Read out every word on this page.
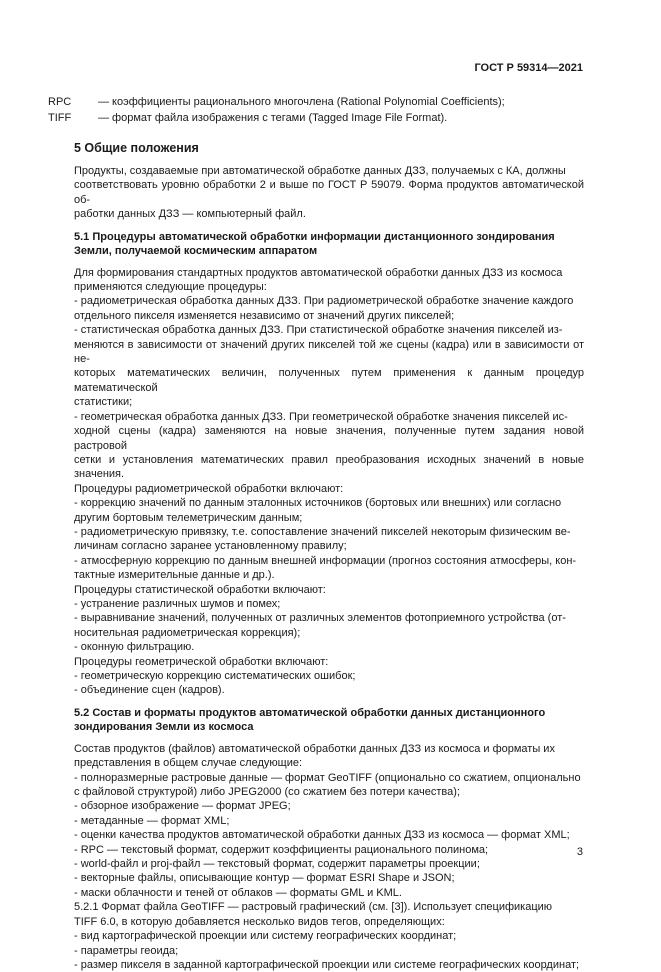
ГОСТ Р 59314—2021
RPC	— коэффициенты рационального многочлена (Rational Polynomial Coefficients);
TIFF	— формат файла изображения с тегами (Tagged Image File Format).
5 Общие положения
Продукты, создаваемые при автоматической обработке данных ДЗЗ, получаемых с КА, должны
соответствовать уровню обработки 2 и выше по ГОСТ Р 59079. Форма продуктов автоматической об-
работки данных ДЗЗ — компьютерный файл.
5.1 Процедуры автоматической обработки информации дистанционного зондирования
Земли, получаемой космическим аппаратом
Для формирования стандартных продуктов автоматической обработки данных ДЗЗ из космоса
применяются следующие процедуры:
- радиометрическая обработка данных ДЗЗ. При радиометрической обработке значение каждого
отдельного пикселя изменяется независимо от значений других пикселей;
- статистическая обработка данных ДЗЗ. При статистической обработке значения пикселей из-
меняются в зависимости от значений других пикселей той же сцены (кадра) или в зависимости от не-
которых математических величин, полученных путем применения к данным процедур математической
статистики;
- геометрическая обработка данных ДЗЗ. При геометрической обработке значения пикселей ис-
ходной сцены (кадра) заменяются на новые значения, полученные путем задания новой растровой
сетки и установления математических правил преобразования исходных значений в новые значения.
Процедуры радиометрической обработки включают:
- коррекцию значений по данным эталонных источников (бортовых или внешних) или согласно
другим бортовым телеметрическим данным;
- радиометрическую привязку, т.е. сопоставление значений пикселей некоторым физическим ве-
личинам согласно заранее установленному правилу;
- атмосферную коррекцию по данным внешней информации (прогноз состояния атмосферы, кон-
тактные измерительные данные и др.).
Процедуры статистической обработки включают:
- устранение различных шумов и помех;
- выравнивание значений, полученных от различных элементов фотоприемного устройства (от-
носительная радиометрическая коррекция);
- оконную фильтрацию.
Процедуры геометрической обработки включают:
- геометрическую коррекцию систематических ошибок;
- объединение сцен (кадров).
5.2 Состав и форматы продуктов автоматической обработки данных дистанционного
зондирования Земли из космоса
Состав продуктов (файлов) автоматической обработки данных ДЗЗ из космоса и форматы их
представления в общем случае следующие:
- полноразмерные растровые данные — формат GeoTIFF (опционально со сжатием, опционально
с файловой структурой) либо JPEG2000 (со сжатием без потери качества);
- обзорное изображение — формат JPEG;
- метаданные — формат XML;
- оценки качества продуктов автоматической обработки данных ДЗЗ из космоса — формат XML;
- RPC — текстовый формат, содержит коэффициенты рационального полинома;
- world-файл и proj-файл — текстовый формат, содержит параметры проекции;
- векторные файлы, описывающие контур — формат ESRI Shape и JSON;
- маски облачности и теней от облаков — форматы GML и KML.
5.2.1 Формат файла GeoTIFF — растровый графический (см. [3]). Использует спецификацию
TIFF 6.0, в которую добавляется несколько видов тегов, определяющих:
- вид картографической проекции или систему географических координат;
- параметры геоида;
- размер пикселя в заданной картографической проекции или системе географических координат;
3
